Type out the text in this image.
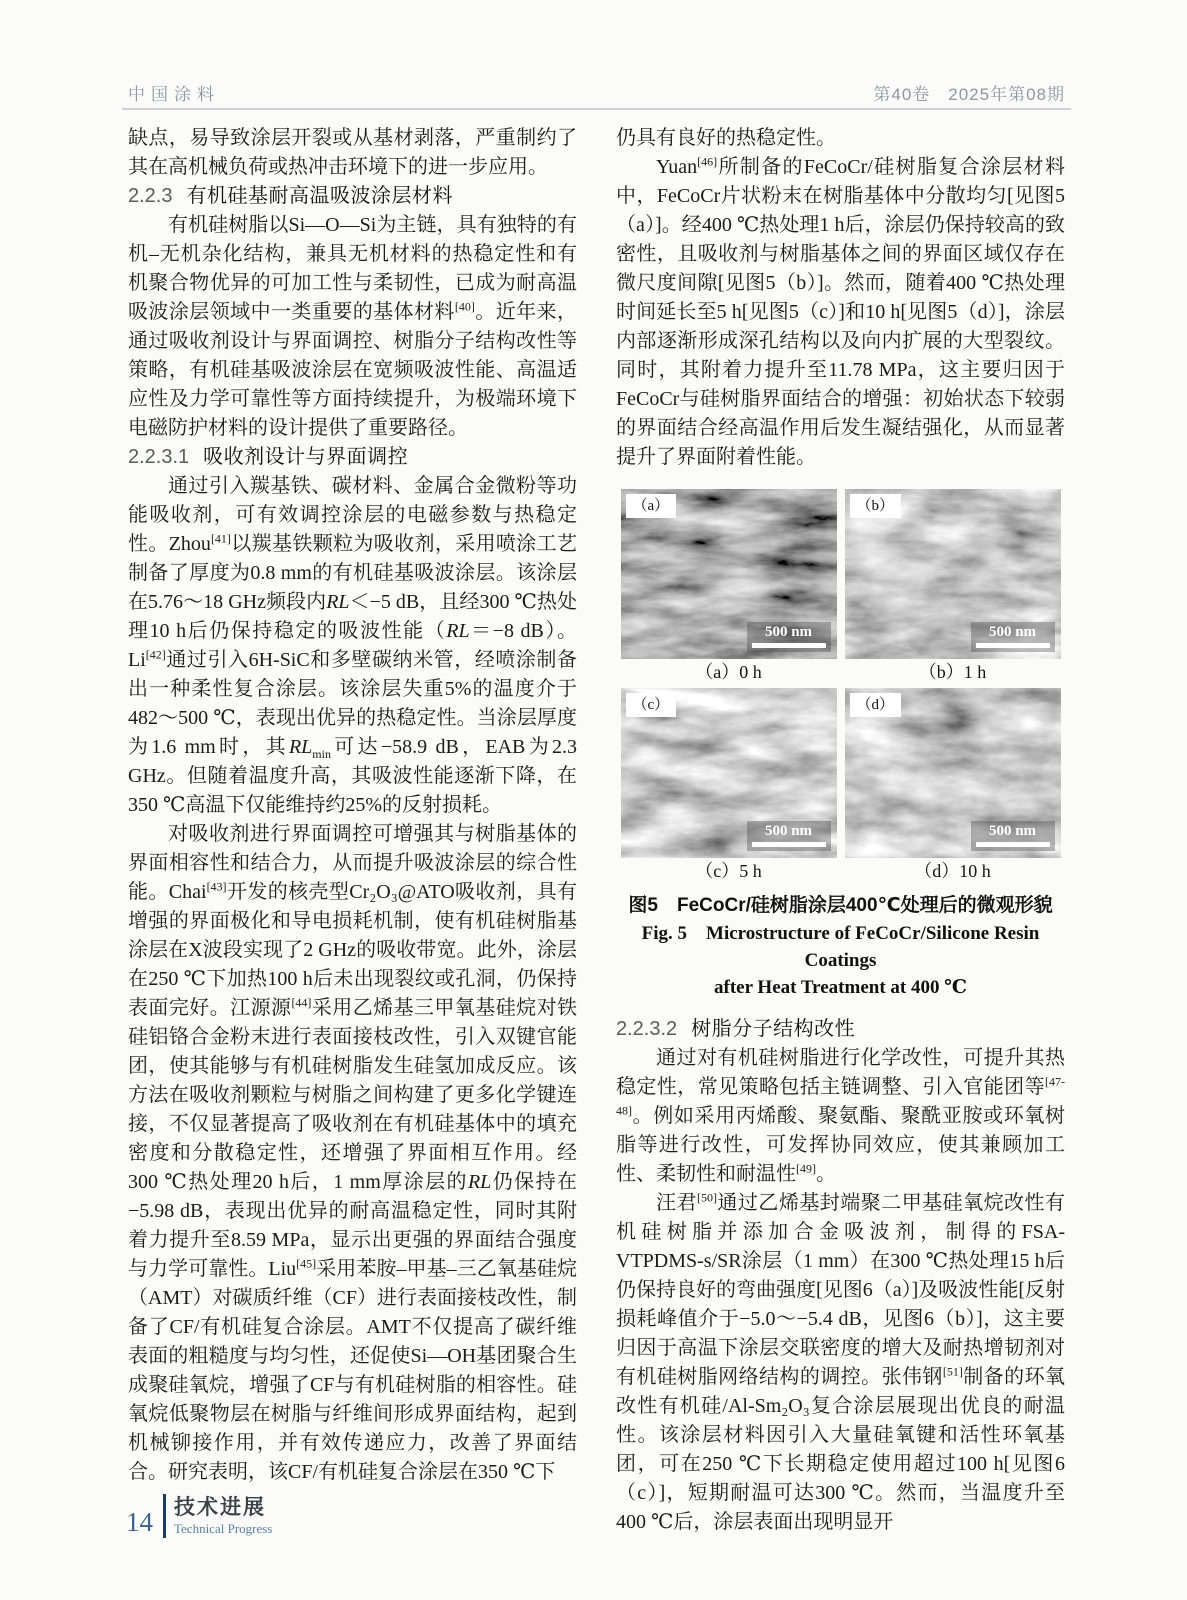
中国涂料	第40卷　2025年第08期

缺点，易导致涂层开裂或从基材剥落，严重制约了其在高机械负荷或热冲击环境下的进一步应用。

2.2.3 有机硅基耐高温吸波涂层材料

有机硅树脂以Si—O—Si为主链，具有独特的有机–无机杂化结构，兼具无机材料的热稳定性和有机聚合物优异的可加工性与柔韧性，已成为耐高温吸波涂层领域中一类重要的基体材料[40]。近年来，通过吸收剂设计与界面调控、树脂分子结构改性等策略，有机硅基吸波涂层在宽频吸波性能、高温适应性及力学可靠性等方面持续提升，为极端环境下电磁防护材料的设计提供了重要路径。

2.2.3.1 吸收剂设计与界面调控

通过引入羰基铁、碳材料、金属合金微粉等功能吸收剂，可有效调控涂层的电磁参数与热稳定性。Zhou[41]以羰基铁颗粒为吸收剂，采用喷涂工艺制备了厚度为0.8 mm的有机硅基吸波涂层。该涂层在5.76～18 GHz频段内RL＜−5 dB，且经300 ℃热处理10 h后仍保持稳定的吸波性能（RL＝−8 dB）。Li[42]通过引入6H-SiC和多壁碳纳米管，经喷涂制备出一种柔性复合涂层。该涂层失重5%的温度介于482～500 ℃，表现出优异的热稳定性。当涂层厚度为1.6 mm时，其$RL_{min}$可达−58.9 dB，EAB为2.3 GHz。但随着温度升高，其吸波性能逐渐下降，在350 ℃高温下仅能维持约25%的反射损耗。

对吸收剂进行界面调控可增强其与树脂基体的界面相容性和结合力，从而提升吸波涂层的综合性能。Chai[43]开发的核壳型Cr₂O₃@ATO吸收剂，具有增强的界面极化和导电损耗机制，使有机硅树脂基涂层在X波段实现了2 GHz的吸收带宽。此外，涂层在250 ℃下加热100 h后未出现裂纹或孔洞，仍保持表面完好。江源源[44]采用乙烯基三甲氧基硅烷对铁硅铝铬合金粉末进行表面接枝改性，引入双键官能团，使其能够与有机硅树脂发生硅氢加成反应。该方法在吸收剂颗粒与树脂之间构建了更多化学键连接，不仅显著提高了吸收剂在有机硅基体中的填充密度和分散稳定性，还增强了界面相互作用。经300 ℃热处理20 h后，1 mm厚涂层的RL仍保持在−5.98 dB，表现出优异的耐高温稳定性，同时其附着力提升至8.59 MPa，显示出更强的界面结合强度与力学可靠性。Liu[45]采用苯胺–甲基–三乙氧基硅烷（AMT）对碳质纤维（CF）进行表面接枝改性，制备了CF/有机硅复合涂层。AMT不仅提高了碳纤维表面的粗糙度与均匀性，还促使Si—OH基团聚合生成聚硅氧烷，增强了CF与有机硅树脂的相容性。硅氧烷低聚物层在树脂与纤维间形成界面结构，起到机械铆接作用，并有效传递应力，改善了界面结合。研究表明，该CF/有机硅复合涂层在350 ℃下

仍具有良好的热稳定性。

Yuan[46]所制备的FeCoCr/硅树脂复合涂层材料中，FeCoCr片状粉末在树脂基体中分散均匀[见图5（a）]。经400 ℃热处理1 h后，涂层仍保持较高的致密性，且吸收剂与树脂基体之间的界面区域仅存在微尺度间隙[见图5（b）]。然而，随着400 ℃热处理时间延长至5 h[见图5（c）]和10 h[见图5（d）]，涂层内部逐渐形成深孔结构以及向内扩展的大型裂纹。同时，其附着力提升至11.78 MPa，这主要归因于FeCoCr与硅树脂界面结合的增强：初始状态下较弱的界面结合经高温作用后发生凝结强化，从而显著提升了界面附着性能。

（a）
500 nm
（a）0 h
（b）
500 nm
（b）1 h
（c）
500 nm
（c）5 h
（d）
500 nm
（d）10 h
图5　FeCoCr/硅树脂涂层400℃处理后的微观形貌
Fig. 5　Microstructure of FeCoCr/Silicone Resin Coatings
after Heat Treatment at 400 ℃
2.2.3.2 树脂分子结构改性

通过对有机硅树脂进行化学改性，可提升其热稳定性，常见策略包括主链调整、引入官能团等[47-48]。例如采用丙烯酸、聚氨酯、聚酰亚胺或环氧树脂等进行改性，可发挥协同效应，使其兼顾加工性、柔韧性和耐温性[49]。

汪君[50]通过乙烯基封端聚二甲基硅氧烷改性有机硅树脂并添加合金吸波剂，制得的FSA-VTPDMS-s/SR涂层（1 mm）在300 ℃热处理15 h后仍保持良好的弯曲强度[见图6（a）]及吸波性能[反射损耗峰值介于−5.0～−5.4 dB，见图6（b）]，这主要归因于高温下涂层交联密度的增大及耐热增韧剂对有机硅树脂网络结构的调控。张伟钢[51]制备的环氧改性有机硅/Al-Sm₂O₃复合涂层展现出优良的耐温性。该涂层材料因引入大量硅氧键和活性环氧基团，可在250 ℃下长期稳定使用超过100 h[见图6（c）]，短期耐温可达300 ℃。然而，当温度升至400 ℃后，涂层表面出现明显开

14 技术进展
Technical Progress
